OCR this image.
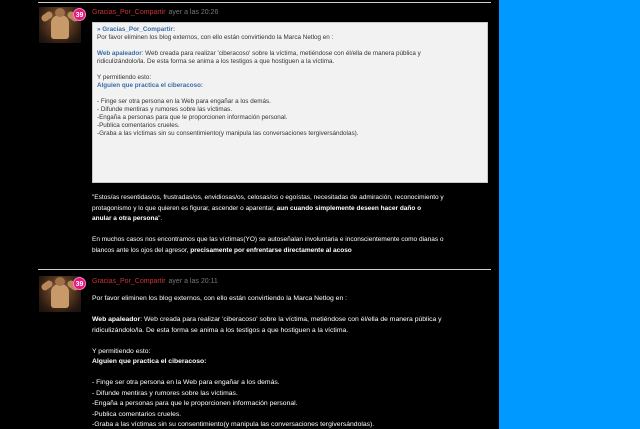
39	Gracias_Por_Compartir ayer a las 20:26

» Gracias_Por_Compartir:

Por favor eliminen los blog externos, con ello están convirtiendo la Marca Netlog en :

Web apaleador: Web creada para realizar 'ciberacoso' sobre la víctima, metiéndose con él/ella de manera pública y

ridiculizándolo/la. De esta forma se anima a los testigos a que hostiguen a la víctima.

Y permitiendo esto:

Alguien que practica el ciberacoso:

- Finge ser otra persona en la Web para engañar a los demás.

- Difunde mentiras y rumores sobre las víctimas.

-Engaña a personas para que le proporcionen información personal.

-Publica comentarios crueles.

-Graba a las víctimas sin su consentimiento(y manipula las conversaciones tergiversándolas).

"Estos/as resentidas/os, frustradas/os, envidiosas/os, celosas/os o egoístas, necesitadas de admiración, reconocimiento y

protagonismo y lo que quieren es figurar, ascender o aparentar, aun cuando simplemente deseen hacer daño o

anular a otra persona".

En muchos casos nos encontramos que las víctimas(YO) se autoseñalan involuntaria e inconscientemente como dianas o

blancos ante los ojos del agresor, precisamente por enfrentarse directamente al acoso

39	Gracias_Por_Compartir ayer a las 20:11

Por favor eliminen los blog externos, con ello están convirtiendo la Marca Netlog en :

Web apaleador: Web creada para realizar 'ciberacoso' sobre la víctima, metiéndose con él/ella de manera pública y

ridiculizándolo/la. De esta forma se anima a los testigos a que hostiguen a la víctima.

Y permitiendo esto:

Alguien que practica el ciberacoso:

- Finge ser otra persona en la Web para engañar a los demás.

- Difunde mentiras y rumores sobre las víctimas.

-Engaña a personas para que le proporcionen información personal.

-Publica comentarios crueles.

-Graba a las víctimas sin su consentimiento(y manipula las conversaciones tergiversándolas).
